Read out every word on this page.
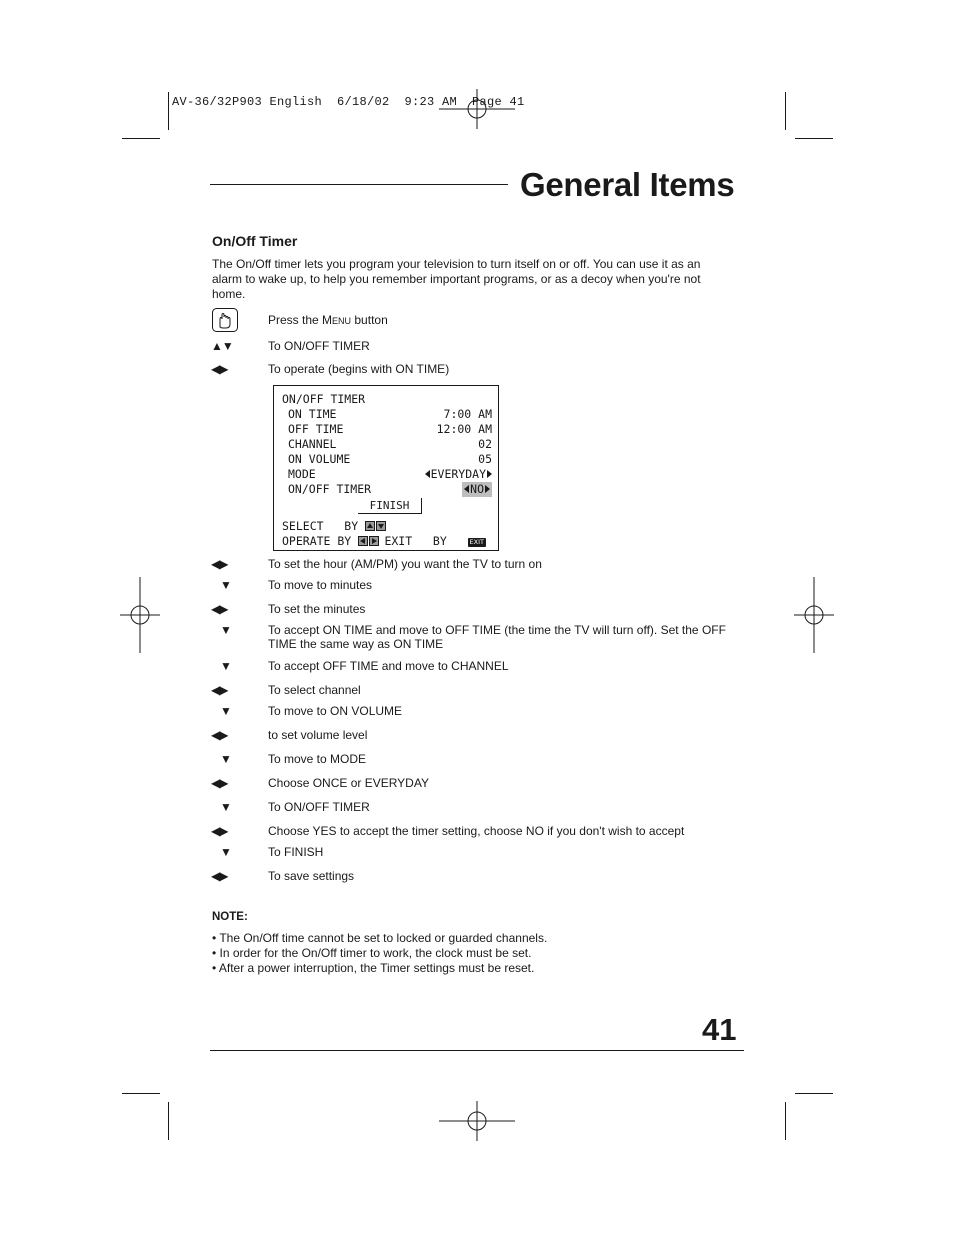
AV-36/32P903 English  6/18/02  9:23 AM  Page 41
General Items
On/Off Timer
The On/Off timer lets you program your television to turn itself on or off. You can use it as an alarm to wake up, to help you remember important programs, or as a decoy when you're not home.
Press the MENU button
▲▼	To ON/OFF TIMER
◀▶	To operate (begins with ON TIME)
ON/OFF TIMER
ON TIME	7:00 AM
OFF TIME	12:00 AM
CHANNEL	02
ON VOLUME	05
MODE	EVERYDAY
ON/OFF TIMER	NO
FINISH
SELECT   BY
OPERATE BY	EXIT   BY	EXIT
◀▶	To set the hour (AM/PM) you want the TV to turn on
▼	To move to minutes
◀▶	To set the minutes
▼	To accept ON TIME and move to OFF TIME (the time the TV will turn off). Set the OFF TIME the same way as ON TIME
▼	To accept OFF TIME and move to CHANNEL
◀▶	To select channel
▼	To move to ON VOLUME
◀▶	to set volume level
▼	To move to MODE
◀▶	Choose ONCE or EVERYDAY
▼	To ON/OFF TIMER
◀▶	Choose YES to accept the timer setting, choose NO if you don't wish to accept
▼	To FINISH
◀▶	To save settings
NOTE:
• The On/Off time cannot be set to locked or guarded channels.
• In order for the On/Off timer to work, the clock must be set.
• After a power interruption, the Timer settings must be reset.
41
